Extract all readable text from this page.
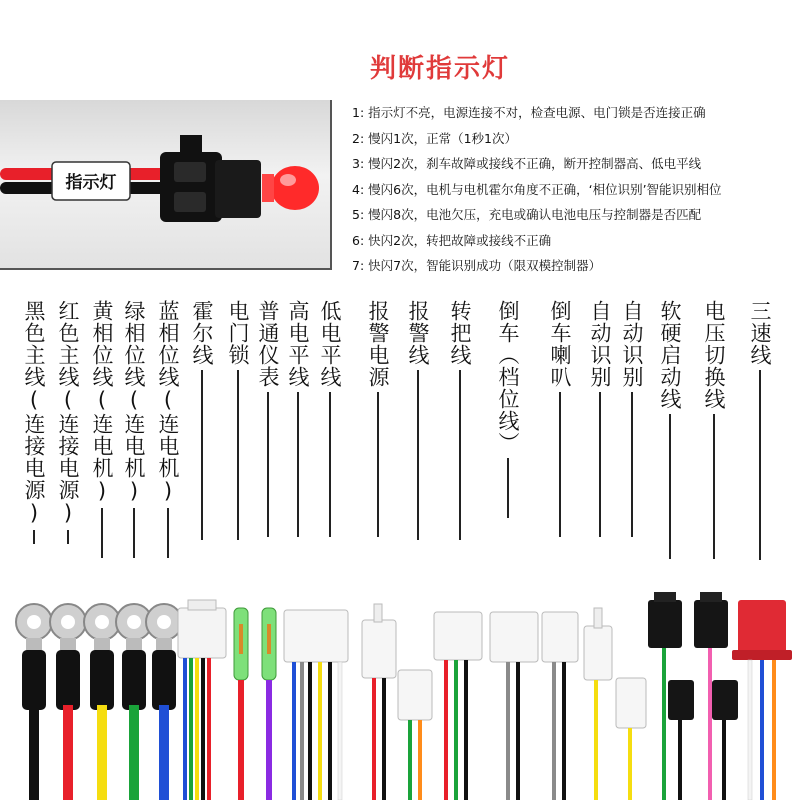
指示灯
判断指示灯
1: 指示灯不亮，电源连接不对，检查电源、电门锁是否连接正确
2: 慢闪1次，正常（1秒1次）
3: 慢闪2次，刹车故障或接线不正确，断开控制器高、低电平线
4: 慢闪6次，电机与电机霍尔角度不正确，‘相位识别’智能识别相位
5: 慢闪8次，电池欠压，充电或确认电池电压与控制器是否匹配
6: 快闪2次，转把故障或接线不正确
7: 快闪7次，智能识别成功（限双模控制器）
黑色主线(连接电源) 红色主线(连接电源) 黄相位线(连电机) 绿相位线(连电机) 蓝相位线(连电机) 霍尔线 电门锁 普通仪表 高电平线 低电平线 报警电源 报警线 转把线 倒车（档位线） 倒车喇叭 自动识别 自动识别 软硬启动线 电压切换线 三速线
